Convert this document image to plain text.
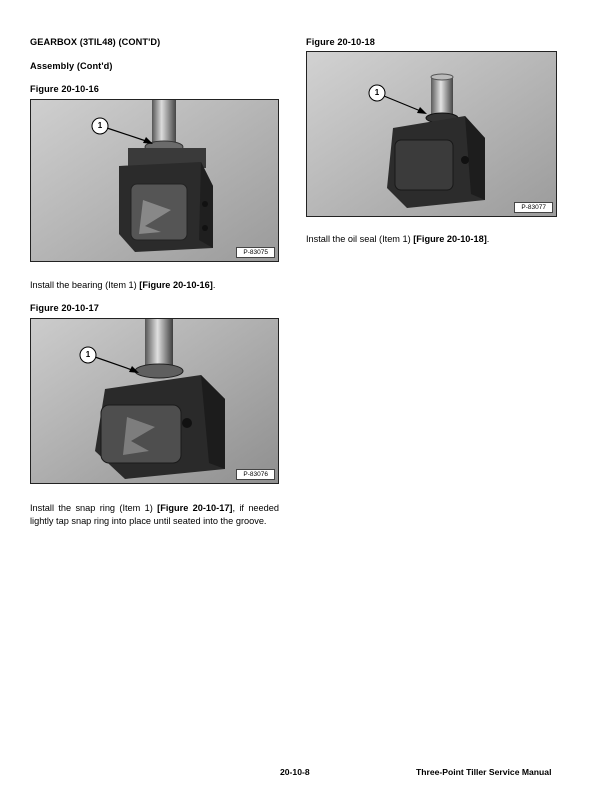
GEARBOX (3TIL48) (CONT'D)
Assembly (Cont'd)
Figure 20-10-16
1
P-83075
Install the bearing (Item 1) [Figure 20-10-16].
Figure 20-10-17
1
P-83076
Install the snap ring (Item 1) [Figure 20-10-17], if needed lightly tap snap ring into place until seated into the groove.
Figure 20-10-18
1
P-83077
Install the oil seal (Item 1) [Figure 20-10-18].
20-10-8	Three-Point Tiller Service Manual
